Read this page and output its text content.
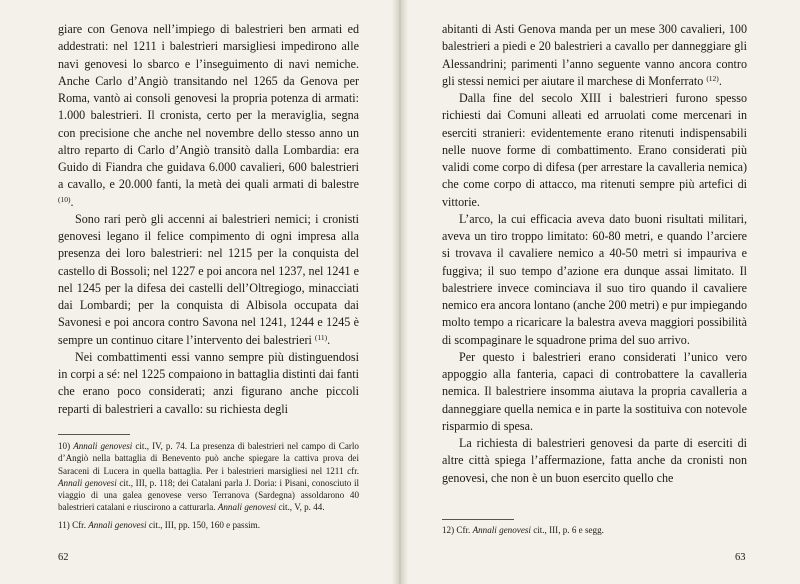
giare con Genova nell’impiego di balestrieri ben armati ed addestrati: nel 1211 i balestrieri marsigliesi impedirono alle navi genovesi lo sbarco e l’inseguimento di navi nemiche. Anche Carlo d’Angiò transitando nel 1265 da Genova per Roma, vantò ai consoli genovesi la propria potenza di armati: 1.000 balestrieri. Il cronista, certo per la meraviglia, segna con precisione che anche nel novembre dello stesso anno un altro reparto di Carlo d’Angiò transitò dalla Lombardia: era Guido di Fiandra che guidava 6.000 cavalieri, 600 balestrieri a cavallo, e 20.000 fanti, la metà dei quali armati di balestre $^{(10)}$.

Sono rari però gli accenni ai balestrieri nemici; i cronisti genovesi legano il felice compimento di ogni impresa alla presenza dei loro balestrieri: nel 1215 per la conquista del castello di Bossoli; nel 1227 e poi ancora nel 1237, nel 1241 e nel 1245 per la difesa dei castelli dell’Oltregiogo, minacciati dai Lombardi; per la conquista di Albisola occupata dai Savonesi e poi ancora contro Savona nel 1241, 1244 e 1245 è sempre un continuo citare l’intervento dei balestrieri $^{(11)}$.

Nei combattimenti essi vanno sempre più distinguendosi in corpi a sé: nel 1225 compaiono in battaglia distinti dai fanti che erano poco considerati; anzi figurano anche piccoli reparti di balestrieri a cavallo: su richiesta degli

10) Annali genovesi cit., IV, p. 74. La presenza di balestrieri nel campo di Carlo d’Angiò nella battaglia di Benevento può anche spiegare la cattiva prova dei Saraceni di Lucera in quella battaglia. Per i balestrieri marsigliesi nel 1211 cfr. Annali genovesi cit., III, p. 118; dei Catalani parla J. Doria: i Pisani, conosciuto il viaggio di una galea genovese verso Terranova (Sardegna) assoldarono 40 balestrieri catalani e riuscirono a catturarla. Annali genovesi cit., V, p. 44.

11) Cfr. Annali genovesi cit., III, pp. 150, 160 e passim.

62

abitanti di Asti Genova manda per un mese 300 cavalieri, 100 balestrieri a piedi e 20 balestrieri a cavallo per danneggiare gli Alessandrini; parimenti l’anno seguente vanno ancora contro gli stessi nemici per aiutare il marchese di Monferrato $^{(12)}$.

Dalla fine del secolo XIII i balestrieri furono spesso richiesti dai Comuni alleati ed arruolati come mercenari in eserciti stranieri: evidentemente erano ritenuti indispensabili nelle nuove forme di combattimento. Erano considerati più validi come corpo di difesa (per arrestare la cavalleria nemica) che come corpo di attacco, ma ritenuti sempre più artefici di vittorie.

L’arco, la cui efficacia aveva dato buoni risultati militari, aveva un tiro troppo limitato: 60-80 metri, e quando l’arciere si trovava il cavaliere nemico a 40-50 metri si impauriva e fuggiva; il suo tempo d’azione era dunque assai limitato. Il balestriere invece cominciava il suo tiro quando il cavaliere nemico era ancora lontano (anche 200 metri) e pur impiegando molto tempo a ricaricare la balestra aveva maggiori possibilità di scompaginare le squadrone prima del suo arrivo.

Per questo i balestrieri erano considerati l’unico vero appoggio alla fanteria, capaci di controbattere la cavalleria nemica. Il balestriere insomma aiutava la propria cavalleria a danneggiare quella nemica e in parte la sostituiva con notevole risparmio di spesa.

La richiesta di balestrieri genovesi da parte di eserciti di altre città spiega l’affermazione, fatta anche da cronisti non genovesi, che non è un buon esercito quello che

12) Cfr. Annali genovesi cit., III, p. 6 e segg.

63
